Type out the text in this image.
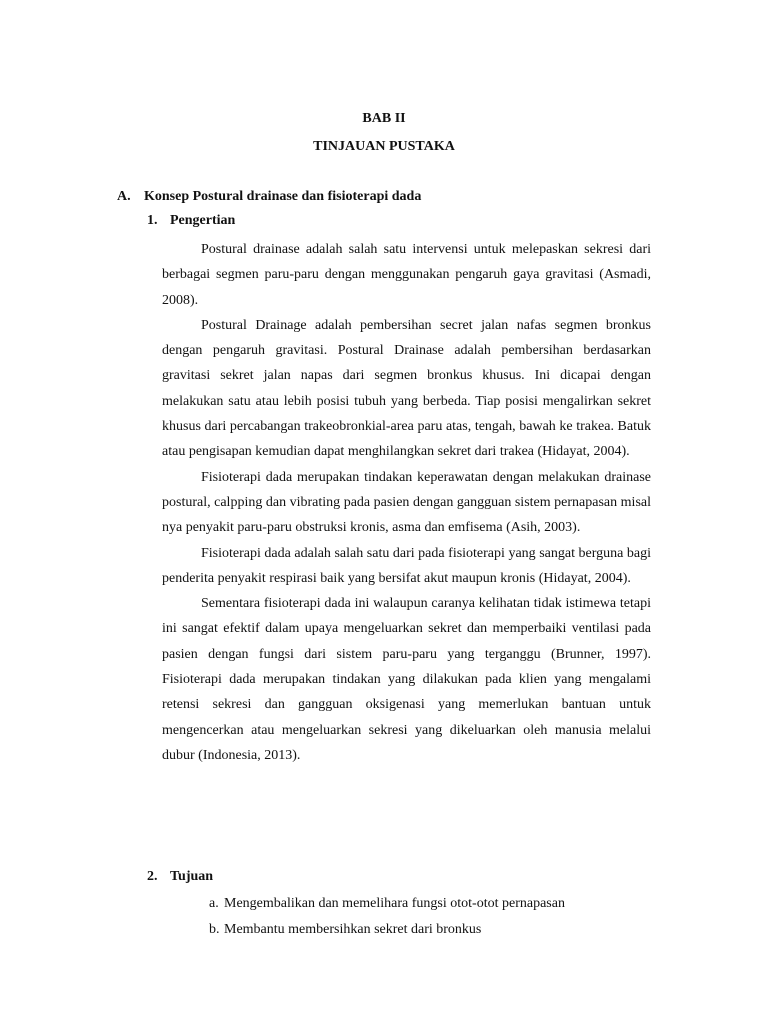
BAB II
TINJAUAN PUSTAKA
A. Konsep Postural drainase dan fisioterapi dada
1. Pengertian

Postural drainase adalah salah satu intervensi untuk melepaskan sekresi dari berbagai segmen paru-paru dengan menggunakan pengaruh gaya gravitasi (Asmadi, 2008).

Postural Drainage adalah pembersihan secret jalan nafas segmen bronkus dengan pengaruh gravitasi. Postural Drainase adalah pembersihan berdasarkan gravitasi sekret jalan napas dari segmen bronkus khusus. Ini dicapai dengan melakukan satu atau lebih posisi tubuh yang berbeda. Tiap posisi mengalirkan sekret khusus dari percabangan trakeobronkial-area paru atas, tengah, bawah ke trakea. Batuk atau pengisapan kemudian dapat menghilangkan sekret dari trakea (Hidayat, 2004).

Fisioterapi dada merupakan tindakan keperawatan dengan melakukan drainase postural, calpping dan vibrating pada pasien dengan gangguan sistem pernapasan misal nya penyakit paru-paru obstruksi kronis, asma dan emfisema (Asih, 2003).

Fisioterapi dada adalah salah satu dari pada fisioterapi yang sangat berguna bagi penderita penyakit respirasi baik yang bersifat akut maupun kronis (Hidayat, 2004).

Sementara fisioterapi dada ini walaupun caranya kelihatan tidak istimewa tetapi ini sangat efektif dalam upaya mengeluarkan sekret dan memperbaiki ventilasi pada pasien dengan fungsi dari sistem paru-paru yang terganggu (Brunner, 1997). Fisioterapi dada merupakan tindakan yang dilakukan pada klien yang mengalami retensi sekresi dan gangguan oksigenasi yang memerlukan bantuan untuk mengencerkan atau mengeluarkan sekresi yang dikeluarkan oleh manusia melalui dubur (Indonesia, 2013).

2. Tujuan
a. Mengembalikan dan memelihara fungsi otot-otot pernapasan
b. Membantu membersihkan sekret dari bronkus
